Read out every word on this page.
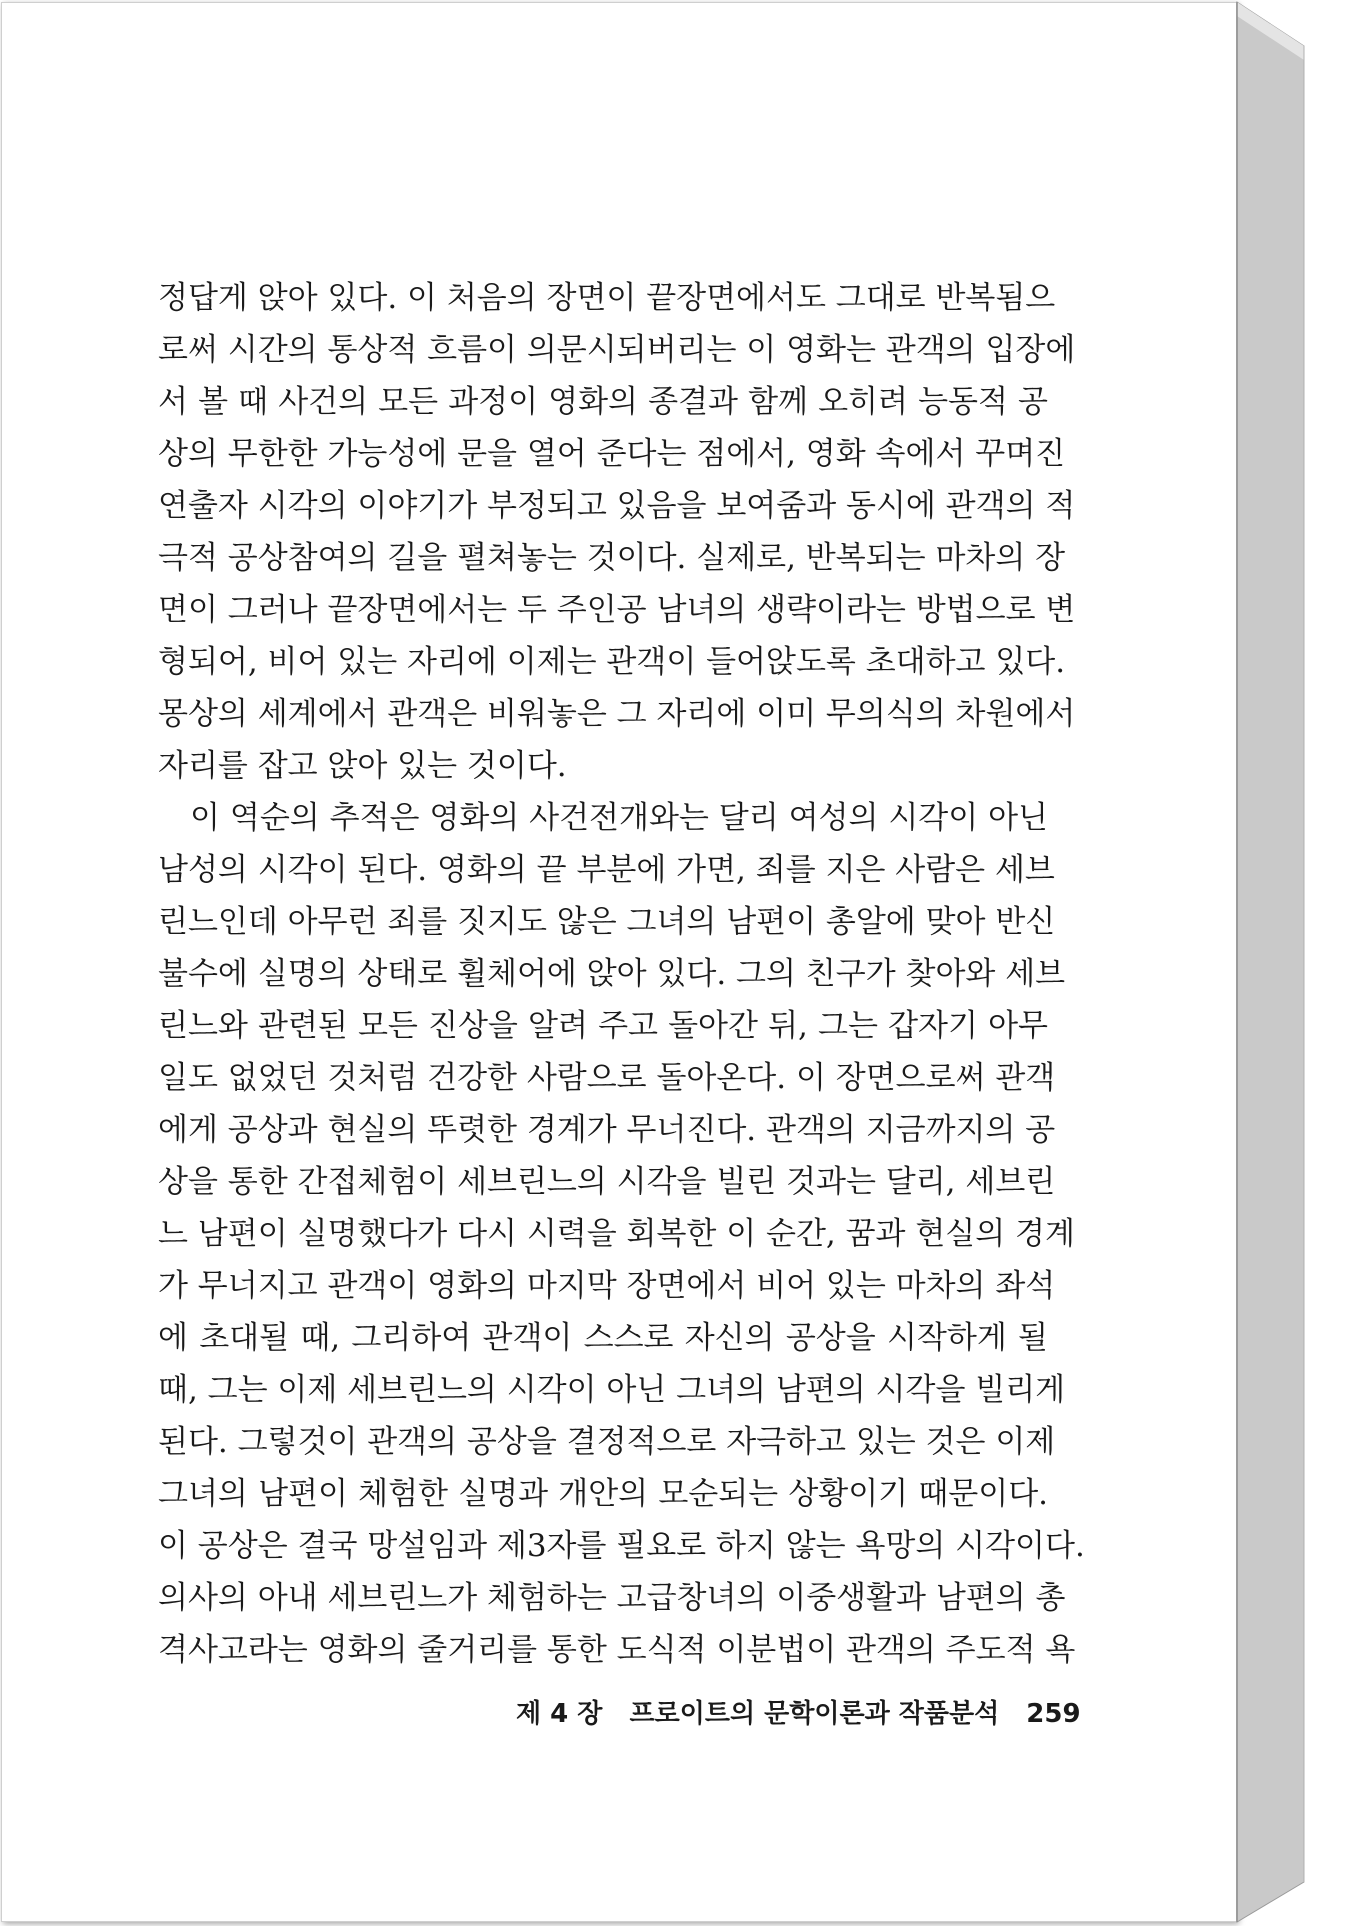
정답게 앉아 있다. 이 처음의 장면이 끝장면에서도 그대로 반복됨으
로써 시간의 통상적 흐름이 의문시되버리는 이 영화는 관객의 입장에
서 볼 때 사건의 모든 과정이 영화의 종결과 함께 오히려 능동적 공
상의 무한한 가능성에 문을 열어 준다는 점에서, 영화 속에서 꾸며진
연출자 시각의 이야기가 부정되고 있음을 보여줌과 동시에 관객의 적
극적 공상참여의 길을 펼쳐놓는 것이다. 실제로, 반복되는 마차의 장
면이 그러나 끝장면에서는 두 주인공 남녀의 생략이라는 방법으로 변
형되어, 비어 있는 자리에 이제는 관객이 들어앉도록 초대하고 있다.
몽상의 세계에서 관객은 비워놓은 그 자리에 이미 무의식의 차원에서
자리를 잡고 앉아 있는 것이다.
이 역순의 추적은 영화의 사건전개와는 달리 여성의 시각이 아닌
남성의 시각이 된다. 영화의 끝 부분에 가면, 죄를 지은 사람은 세브
린느인데 아무런 죄를 짓지도 않은 그녀의 남편이 총알에 맞아 반신
불수에 실명의 상태로 휠체어에 앉아 있다. 그의 친구가 찾아와 세브
린느와 관련된 모든 진상을 알려 주고 돌아간 뒤, 그는 갑자기 아무
일도 없었던 것처럼 건강한 사람으로 돌아온다. 이 장면으로써 관객
에게 공상과 현실의 뚜렷한 경계가 무너진다. 관객의 지금까지의 공
상을 통한 간접체험이 세브린느의 시각을 빌린 것과는 달리, 세브린
느 남편이 실명했다가 다시 시력을 회복한 이 순간, 꿈과 현실의 경계
가 무너지고 관객이 영화의 마지막 장면에서 비어 있는 마차의 좌석
에 초대될 때, 그리하여 관객이 스스로 자신의 공상을 시작하게 될
때, 그는 이제 세브린느의 시각이 아닌 그녀의 남편의 시각을 빌리게
된다. 그렇것이 관객의 공상을 결정적으로 자극하고 있는 것은 이제
그녀의 남편이 체험한 실명과 개안의 모순되는 상황이기 때문이다.
이 공상은 결국 망설임과 제3자를 필요로 하지 않는 욕망의 시각이다.
의사의 아내 세브린느가 체험하는 고급창녀의 이중생활과 남편의 총
격사고라는 영화의 줄거리를 통한 도식적 이분법이 관객의 주도적 욕
제 4 장 프로이트의 문학이론과 작품분석 259
